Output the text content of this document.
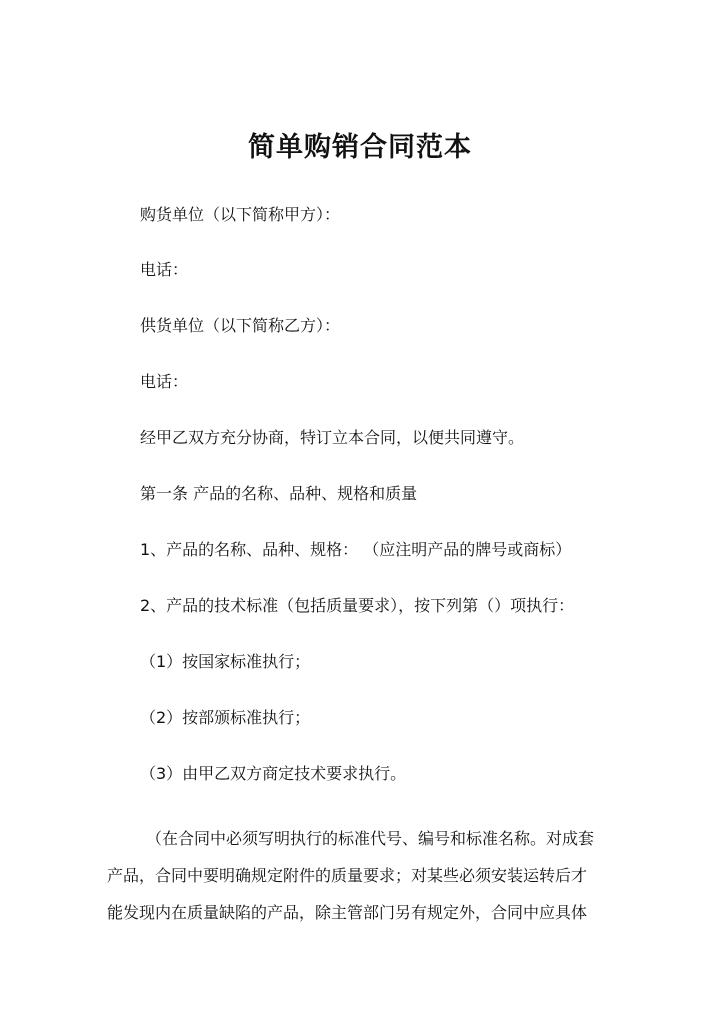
简单购销合同范本
购货单位（以下简称甲方）：
电话：
供货单位（以下简称乙方）：
电话：
经甲乙双方充分协商，特订立本合同，以便共同遵守。
第一条 产品的名称、品种、规格和质量
1、产品的名称、品种、规格： （应注明产品的牌号或商标）
2、产品的技术标准（包括质量要求），按下列第（）项执行：
（1）按国家标准执行；
（2）按部颁标准执行；
（3）由甲乙双方商定技术要求执行。
（在合同中必须写明执行的标准代号、编号和标准名称。对成套
产品，合同中要明确规定附件的质量要求；对某些必须安装运转后才
能发现内在质量缺陷的产品，除主管部门另有规定外，合同中应具体
